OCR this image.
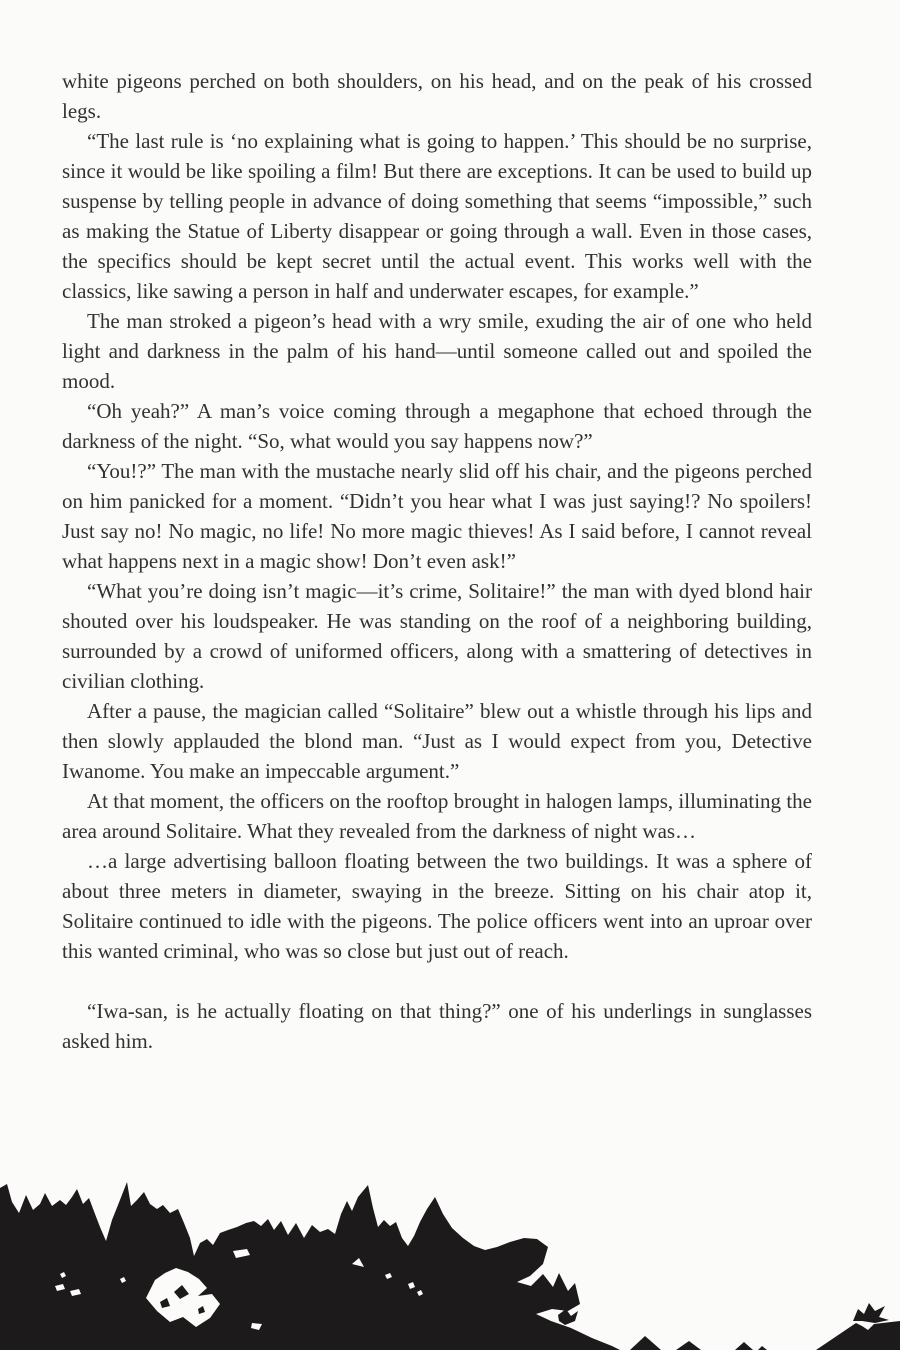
white pigeons perched on both shoulders, on his head, and on the peak of his crossed legs.

“The last rule is ‘no explaining what is going to happen.’ This should be no surprise, since it would be like spoiling a film! But there are exceptions. It can be used to build up suspense by telling people in advance of doing something that seems “impossible,” such as making the Statue of Liberty disappear or going through a wall. Even in those cases, the specifics should be kept secret until the actual event. This works well with the classics, like sawing a person in half and underwater escapes, for example.”

The man stroked a pigeon’s head with a wry smile, exuding the air of one who held light and darkness in the palm of his hand—until someone called out and spoiled the mood.

“Oh yeah?” A man’s voice coming through a megaphone that echoed through the darkness of the night. “So, what would you say happens now?”

“You!?” The man with the mustache nearly slid off his chair, and the pigeons perched on him panicked for a moment. “Didn’t you hear what I was just saying!? No spoilers! Just say no! No magic, no life! No more magic thieves! As I said before, I cannot reveal what happens next in a magic show! Don’t even ask!”

“What you’re doing isn’t magic—it’s crime, Solitaire!” the man with dyed blond hair shouted over his loudspeaker. He was standing on the roof of a neighboring building, surrounded by a crowd of uniformed officers, along with a smattering of detectives in civilian clothing.

After a pause, the magician called “Solitaire” blew out a whistle through his lips and then slowly applauded the blond man. “Just as I would expect from you, Detective Iwanome. You make an impeccable argument.”

At that moment, the officers on the rooftop brought in halogen lamps, illuminating the area around Solitaire. What they revealed from the darkness of night was…

…a large advertising balloon floating between the two buildings. It was a sphere of about three meters in diameter, swaying in the breeze. Sitting on his chair atop it, Solitaire continued to idle with the pigeons. The police officers went into an uproar over this wanted criminal, who was so close but just out of reach.

“Iwa-san, is he actually floating on that thing?” one of his underlings in sunglasses asked him.
